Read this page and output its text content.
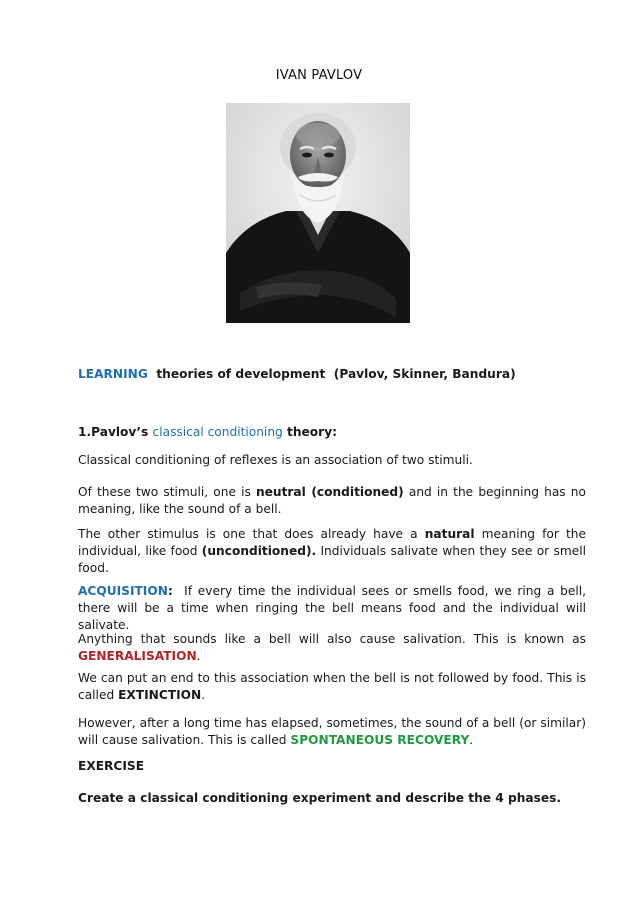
IVAN PAVLOV
LEARNING  theories of development  (Pavlov, Skinner, Bandura)
1.Pavlov’s classical conditioning theory:
Classical conditioning of reflexes is an association of two stimuli.
Of these two stimuli, one is neutral (conditioned) and in the beginning has no meaning, like the sound of a bell.
The other stimulus is one that does already have a natural meaning for the individual, like food (unconditioned). Individuals salivate when they see or smell food.
ACQUISITION:  If every time the individual sees or smells food, we ring a bell, there will be a time when ringing the bell means food and the individual will salivate.
Anything that sounds like a bell will also cause salivation. This is known as GENERALISATION.
We can put an end to this association when the bell is not followed by food. This is called EXTINCTION.
However, after a long time has elapsed, sometimes, the sound of a bell (or similar) will cause salivation. This is called SPONTANEOUS RECOVERY.
EXERCISE
Create a classical conditioning experiment and describe the 4 phases.
